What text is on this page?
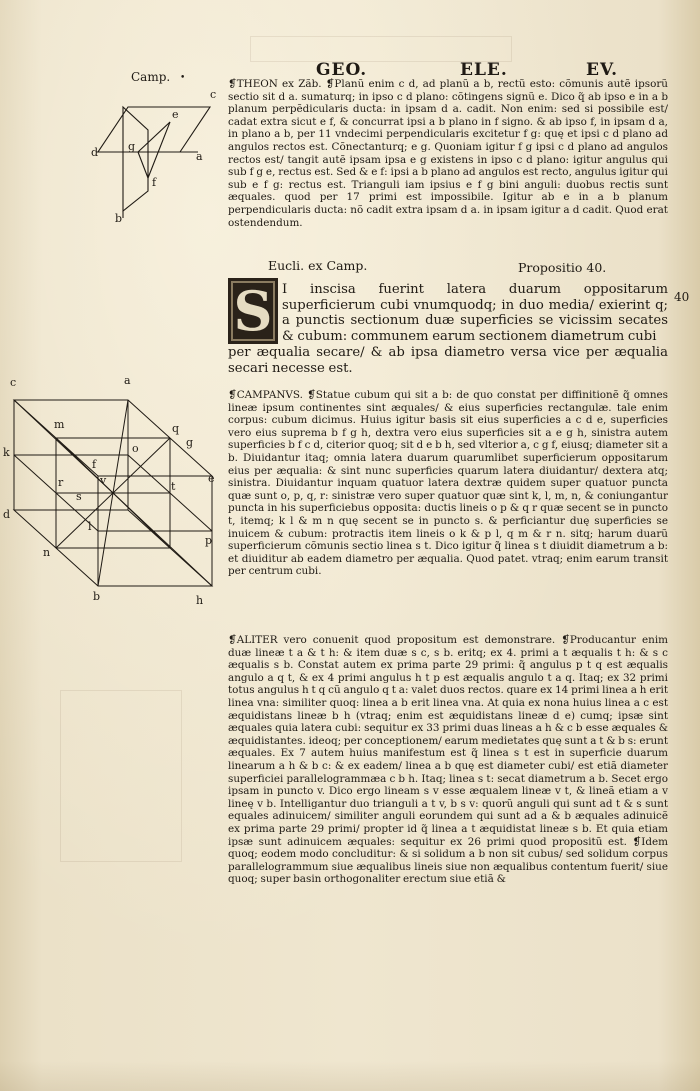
GEO.	ELE.	EV.
Camp. •
c
e
d	g
a
f
b
❡THEON ex Zãb. ❡Planũ enim c d, ad planũ a b, rectũ esto: cõmunis autẽ ipsorũ sectio sit d a. sumaturq; in ipso c d plano: cõtingens signũ e. Dico q̃ ab ipso e in a b planum perpẽdicularis ducta: in ipsam d a. cadit. Non enim: sed si possibile est/ cadat extra sicut e f, & concurrat ipsi a b plano in f signo. & ab ipso f, in ipsam d a, in plano a b, per 11 vndecimi perpendicularis excitetur f g: quę et ipsi c d plano ad angulos rectos est. Cõnectanturq; e g. Quoniam igitur f g ipsi c d plano ad angulos rectos est/ tangit autẽ ipsam ipsa e g existens in ipso c d plano: igitur angulus qui sub f g e, rectus est. Sed & e f: ipsi a b plano ad angulos est recto, angulus igitur qui sub e f g: rectus est. Trianguli iam ipsius e f g bini anguli: duobus rectis sunt æquales. quod per 17 primi est impossibile. Igitur ab e in a b planum perpendicularis ducta: nõ cadit extra ipsam d a. in ipsam igitur a d cadit. Quod erat ostendendum.
Eucli. ex Camp.	Propositio 40.
S I inscisa fuerint latera duarum oppositarum superficierum cubi vnumquodq; in duo media/ exierint q; a punctis sectionum duæ superficies se vicissim secates & cubum: communem earum sectionem diametrum cubi
per æqualia secare/ & ab ipsa diametro versa vice per æqualia secari necesse est.
40
c	a
m	q
k	o	g
f
e
r	v	t
s
d
l
p
n
b	h
❡CAMPANVS. ❡Statue cubum qui sit a b: de quo constat per diffinitionẽ q̃ omnes lineæ ipsum continentes sint æquales/ & eius superficies rectangulæ. tale enim corpus: cubum dicimus. Huius igitur basis sit eius superficies a c d e, superficies vero eius suprema b f g h, dextra vero eius superficies sit a e g h, sinistra autem superficies b f c d, citerior quoq; sit d e b h, sed vlterior a, c g f, eiusq; diameter sit a b. Diuidantur itaq; omnia latera duarum quarumlibet superficierum oppositarum eius per æqualia: & sint nunc superficies quarum latera diuidantur/ dextera atq; sinistra. Diuidantur inquam quatuor latera dextræ quidem super quatuor puncta quæ sunt o, p, q, r: sinistræ vero super quatuor quæ sint k, l, m, n, & coniungantur puncta in his superficiebus opposita: ductis lineis o p & q r quæ secent se in puncto t, itemq; k l & m n quę secent se in puncto s. & perficiantur duę superficies se inuicem & cubum: protractis item lineis o k & p l, q m & r n. sitq; harum duarũ superficierum cõmunis sectio linea s t. Dico igitur q̃ linea s t diuidit diametrum a b: et diuiditur ab eadem diametro per æqualia. Quod patet. vtraq; enim earum transit per centrum cubi.
❡ALITER vero conuenit quod propositum est demonstrare. ❡Producantur enim duæ lineæ t a & t h: & item duæ s c, s b. eritq; ex 4. primi a t æqualis t h: & s c æqualis s b. Constat autem ex prima parte 29 primi: q̃ angulus p t q est æqualis angulo a q t, & ex 4 primi angulus h t p est æqualis angulo t a q. Itaq; ex 32 primi totus angulus h t q cũ angulo q t a: valet duos rectos. quare ex 14 primi linea a h erit linea vna: similiter quoq: linea a b erit linea vna. At quia ex nona huius linea a c est æquidistans lineæ b h (vtraq; enim est æquidistans lineæ d e) cumq; ipsæ sint æquales quia latera cubi: sequitur ex 33 primi duas lineas a h & c b esse æquales & æquidistantes. ideoq; per conceptionem/ earum medietates quę sunt a t & b s: erunt æquales. Ex 7 autem huius manifestum est q̃ linea s t est in superficie duarum linearum a h & b c: & ex eadem/ linea a b quę est diameter cubi/ est etiã diameter superficiei parallelogrammæa c b h. Itaq; linea s t: secat diametrum a b. Secet ergo ipsam in puncto v. Dico ergo lineam s v esse æqualem lineæ v t, & lineã etiam a v lineę v b. Intelligantur duo trianguli a t v, b s v: quorũ anguli qui sunt ad t & s sunt equales adinuicem/ similiter anguli eorundem qui sunt ad a & b æquales adinuicẽ ex prima parte 29 primi/ propter id q̃ linea a t æquidistat lineæ s b. Et quia etiam ipsæ sunt adinuicem æquales: sequitur ex 26 primi quod propositũ est. ❡Idem quoq; eodem modo concluditur: & si solidum a b non sit cubus/ sed solidum corpus parallelogrammum siue æqualibus lineis siue non æqualibus contentum fuerit/ siue quoq; super basin orthogonaliter erectum siue etiã &
